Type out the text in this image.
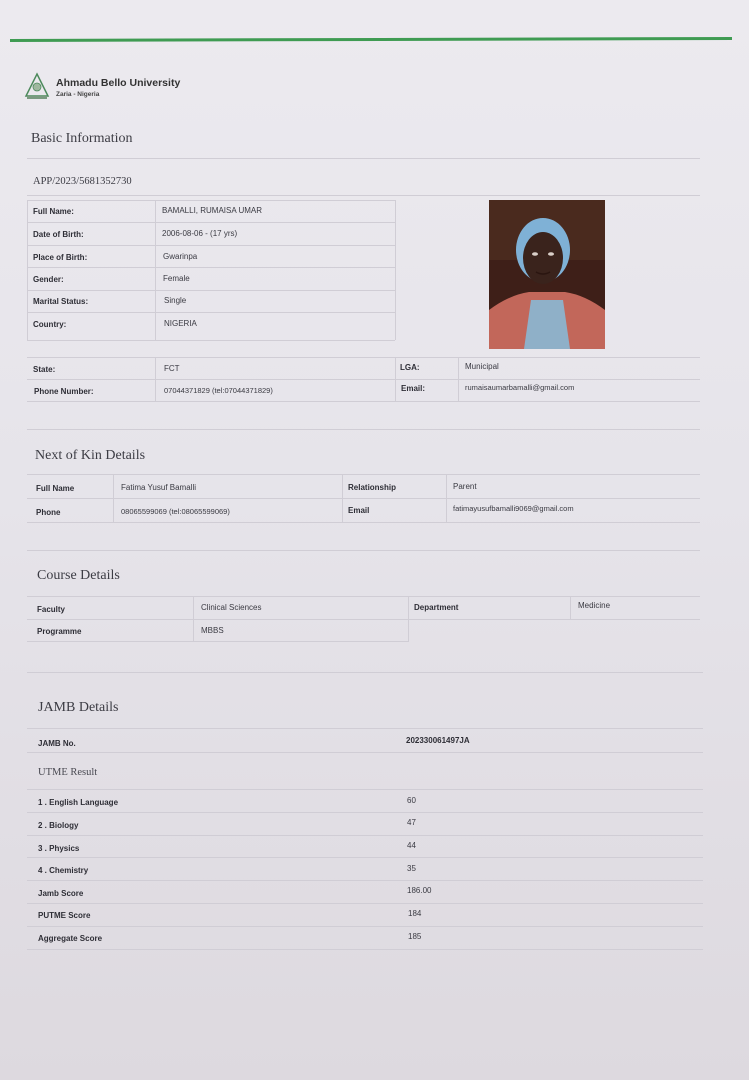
Ahmadu Bello University
Zaria - Nigeria
Basic Information
APP/2023/5681352730
Full Name:	BAMALLI, RUMAISA UMAR
Date of Birth:	2006-08-06 - (17 yrs)
Place of Birth:	Gwarinpa
Gender:	Female
Marital Status:	Single
Country:	NIGERIA
State:	FCT	LGA:	Municipal
Phone Number:	07044371829 (tel:07044371829)	Email:	rumaisaumarbamalli@gmail.com
Next of Kin Details
Full Name	Fatima Yusuf Bamalli	Relationship	Parent
Phone	08065599069 (tel:08065599069)	Email	fatimayusufbamalli9069@gmail.com
Course Details
Faculty	Clinical Sciences	Department	Medicine
Programme	MBBS
JAMB Details
JAMB No.	202330061497JA
UTME Result
1 . English Language	60
2 . Biology	47
3 . Physics	44
4 . Chemistry	35
Jamb Score	186.00
PUTME Score	184
Aggregate Score	185
